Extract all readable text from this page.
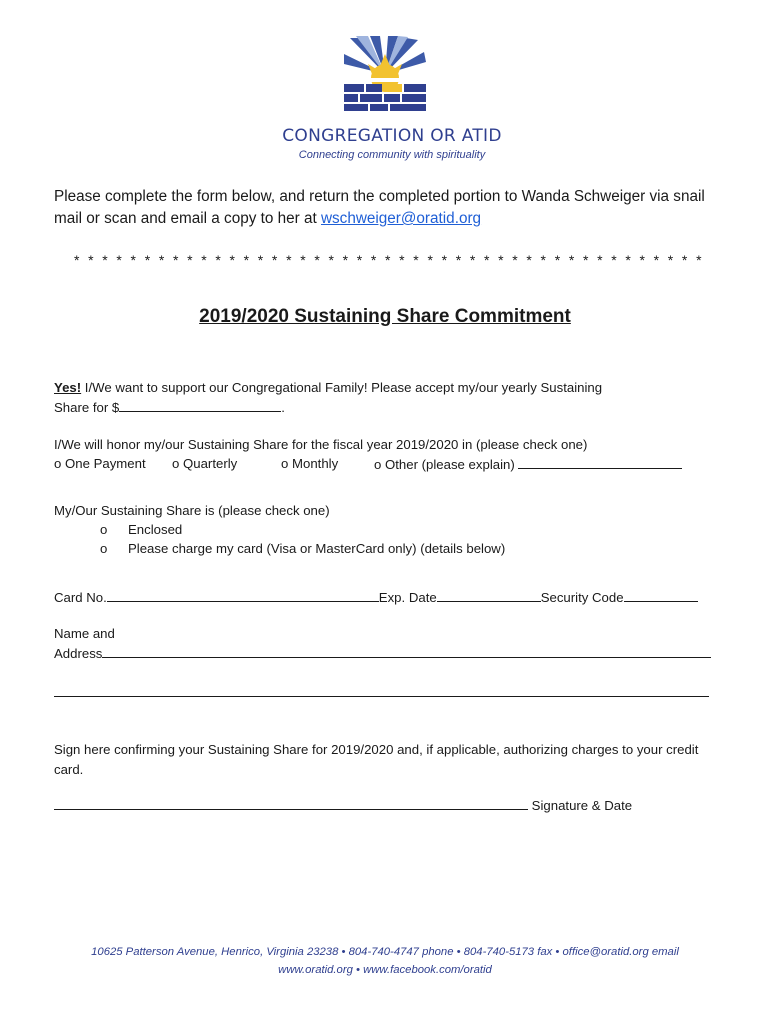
CONGREGATION OR ATID
Connecting community with spirituality
Please complete the form below, and return the completed portion to Wanda Schweiger via snail mail or scan and email a copy to her at wschweiger@oratid.org
* * * * * * * * * * * * * * * * * * * * * * * * * * * * * * * * * * * * * * * * * * * * *
2019/2020 Sustaining Share Commitment
Yes! I/We want to support our Congregational Family! Please accept my/our yearly Sustaining
Share for $	.
I/We will honor my/our Sustaining Share for the fiscal year 2019/2020 in (please check one)
o One Payment o Quarterly	o Monthly	o Other (please explain)
My/Our Sustaining Share is (please check one)
o Enclosed
o Please charge my card (Visa or MasterCard only) (details below)
Card No.	Exp. Date	Security Code
Name and
Address
Sign here confirming your Sustaining Share for 2019/2020 and, if applicable, authorizing charges to your credit card.
Signature & Date
10625 Patterson Avenue, Henrico, Virginia 23238 • 804-740-4747 phone • 804-740-5173 fax • office@oratid.org email
www.oratid.org • www.facebook.com/oratid
